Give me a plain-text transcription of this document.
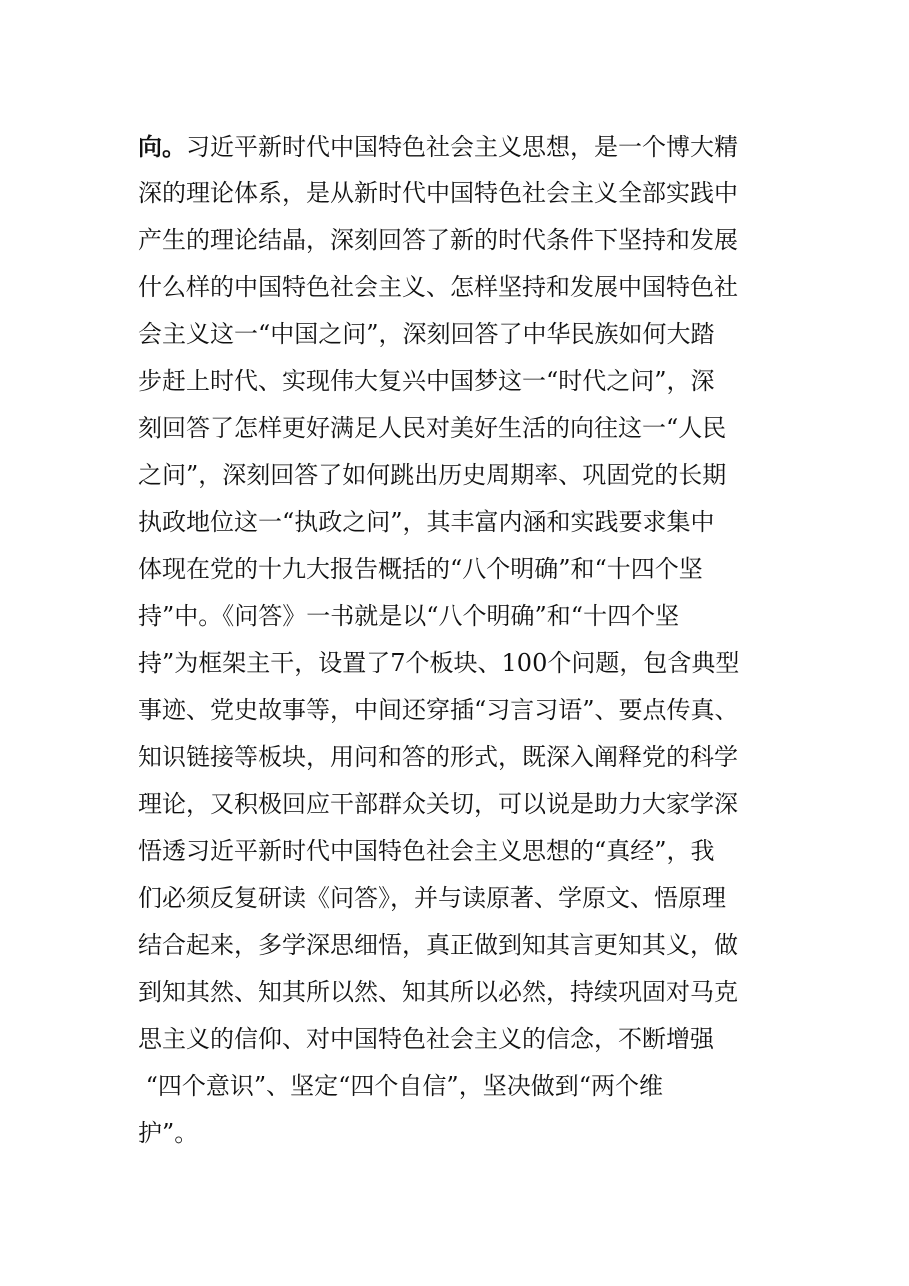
向。习近平新时代中国特色社会主义思想，是一个博大精
深的理论体系，是从新时代中国特色社会主义全部实践中
产生的理论结晶，深刻回答了新的时代条件下坚持和发展
什么样的中国特色社会主义、怎样坚持和发展中国特色社
会主义这一“中国之问”，深刻回答了中华民族如何大踏
步赶上时代、实现伟大复兴中国梦这一“时代之问”，深
刻回答了怎样更好满足人民对美好生活的向往这一“人民
之问”，深刻回答了如何跳出历史周期率、巩固党的长期
执政地位这一“执政之问”，其丰富内涵和实践要求集中
体现在党的十九大报告概括的“八个明确”和“十四个坚
持”中。《问答》一书就是以“八个明确”和“十四个坚
持”为框架主干，设置了7个板块、100个问题，包含典型
事迹、党史故事等，中间还穿插“习言习语”、要点传真、
知识链接等板块，用问和答的形式，既深入阐释党的科学
理论，又积极回应干部群众关切，可以说是助力大家学深
悟透习近平新时代中国特色社会主义思想的“真经”，我
们必须反复研读《问答》，并与读原著、学原文、悟原理
结合起来，多学深思细悟，真正做到知其言更知其义，做
到知其然、知其所以然、知其所以必然，持续巩固对马克
思主义的信仰、对中国特色社会主义的信念，不断增强
“四个意识”、坚定“四个自信”，坚决做到“两个维
护”。
